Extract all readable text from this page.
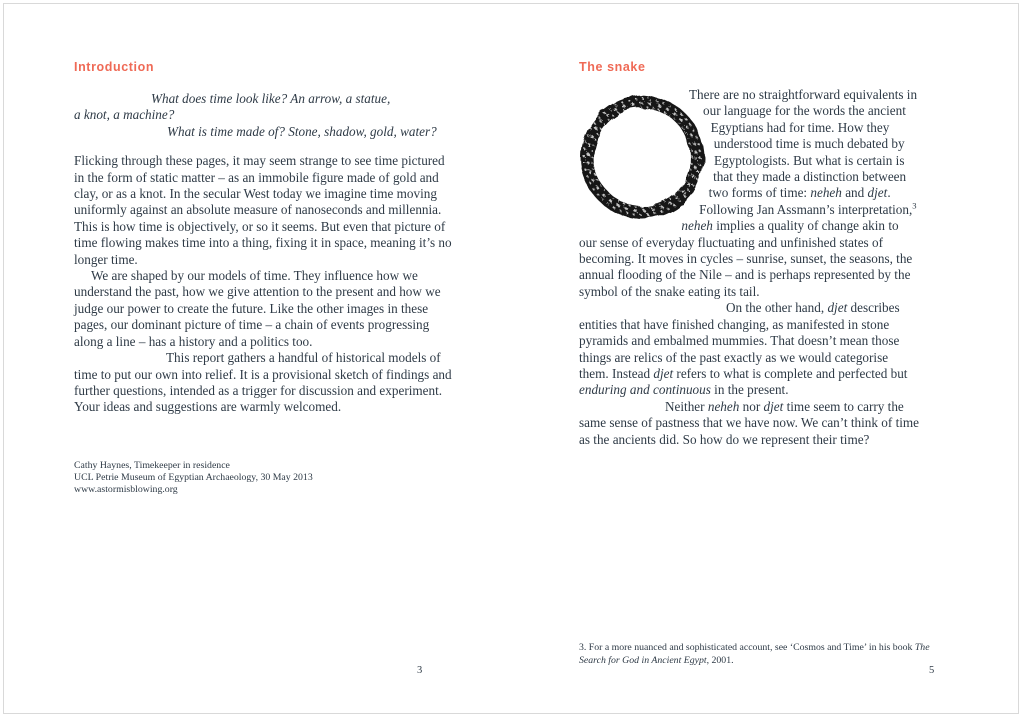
Introduction
What does time look like? An arrow, a statue,
a knot, a machine?
What is time made of? Stone, shadow, gold, water?

Flicking through these pages, it may seem strange to see time pictured in the form of static matter – as an immobile figure made of gold and clay, or as a knot. In the secular West today we imagine time moving uniformly against an absolute measure of nanoseconds and millennia. This is how time is objectively, or so it seems. But even that picture of time flowing makes time into a thing, fixing it in space, meaning it’s no longer time.

We are shaped by our models of time. They influence how we understand the past, how we give attention to the present and how we judge our power to create the future. Like the other images in these pages, our dominant picture of time – a chain of events progressing along a line – has a history and a politics too.

This report gathers a handful of historical models of time to put our own into relief. It is a provisional sketch of findings and further questions, intended as a trigger for discussion and experiment. Your ideas and suggestions are warmly welcomed.

Cathy Haynes, Timekeeper in residence
UCL Petrie Museum of Egyptian Archaeology, 30 May 2013
www.astormisblowing.org
3
The snake

There are no straightforward equivalents in our language for the words the ancient Egyptians had for time. How they understood time is much debated by Egyptologists. But what is certain is that they made a distinction between two forms of time: neheh and djet. Following Jan Assmann’s interpretation,$^3$ neheh implies a quality of change akin to our sense of everyday fluctuating and unfinished states of becoming. It moves in cycles – sunrise, sunset, the seasons, the annual flooding of the Nile – and is perhaps represented by the symbol of the snake eating its tail.

On the other hand, djet describes entities that have finished changing, as manifested in stone pyramids and embalmed mummies. That doesn’t mean those things are relics of the past exactly as we would categorise them. Instead djet refers to what is complete and perfected but enduring and continuous in the present.

Neither neheh nor djet time seem to carry the same sense of pastness that we have now. We can’t think of time as the ancients did. So how do we represent their time?

3. For a more nuanced and sophisticated account, see ‘Cosmos and Time’ in his book The Search for God in Ancient Egypt, 2001.
5
